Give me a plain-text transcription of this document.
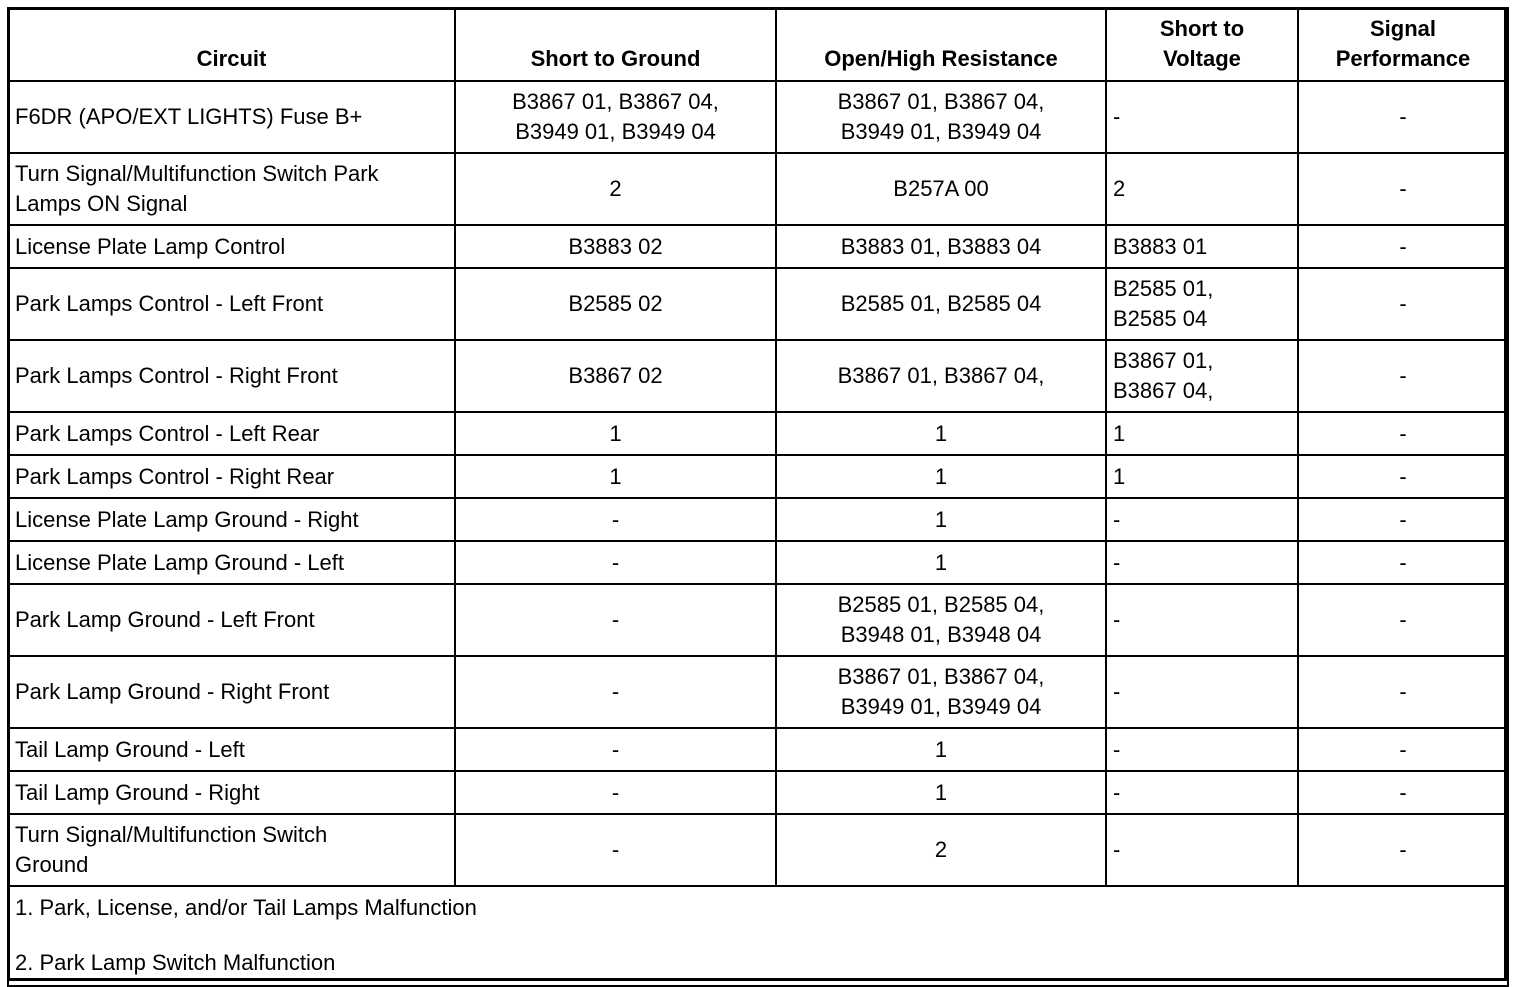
Circuit	Short to Ground	Open/High Resistance	Short to
Voltage	Signal
Performance

F6DR (APO/EXT LIGHTS) Fuse B+	B3867 01, B3867 04,
B3949 01, B3949 04	B3867 01, B3867 04,
B3949 01, B3949 04	-	-

Turn Signal/Multifunction Switch Park
Lamps ON Signal	2	B257A 00	2	-

License Plate Lamp Control	B3883 02	B3883 01, B3883 04	B3883 01	-

Park Lamps Control - Left Front	B2585 02	B2585 01, B2585 04	B2585 01,
B2585 04	-

Park Lamps Control - Right Front	B3867 02	B3867 01, B3867 04,	B3867 01,
B3867 04,	-

Park Lamps Control - Left Rear	1	1	1	-

Park Lamps Control - Right Rear	1	1	1	-

License Plate Lamp Ground - Right	-	1	-	-

License Plate Lamp Ground - Left	-	1	-	-

Park Lamp Ground - Left Front	-	B2585 01, B2585 04,
B3948 01, B3948 04	-	-

Park Lamp Ground - Right Front	-	B3867 01, B3867 04,
B3949 01, B3949 04	-	-

Tail Lamp Ground - Left	-	1	-	-

Tail Lamp Ground - Right	-	1	-	-

Turn Signal/Multifunction Switch
Ground	-	2	-	-

1. Park, License, and/or Tail Lamps Malfunction
2. Park Lamp Switch Malfunction				
